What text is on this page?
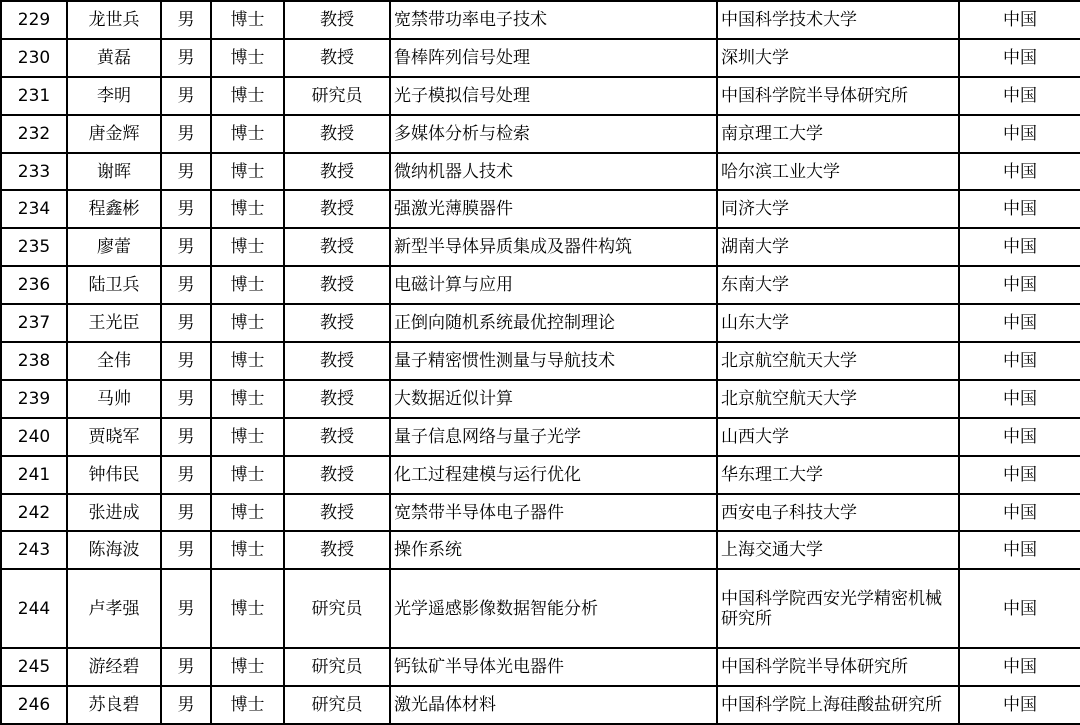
229	龙世兵	男	博士	教授	宽禁带功率电子技术	中国科学技术大学	中国
230	黄磊	男	博士	教授	鲁棒阵列信号处理	深圳大学	中国
231	李明	男	博士	研究员	光子模拟信号处理	中国科学院半导体研究所	中国
232	唐金辉	男	博士	教授	多媒体分析与检索	南京理工大学	中国
233	谢晖	男	博士	教授	微纳机器人技术	哈尔滨工业大学	中国
234	程鑫彬	男	博士	教授	强激光薄膜器件	同济大学	中国
235	廖蕾	男	博士	教授	新型半导体异质集成及器件构筑	湖南大学	中国
236	陆卫兵	男	博士	教授	电磁计算与应用	东南大学	中国
237	王光臣	男	博士	教授	正倒向随机系统最优控制理论	山东大学	中国
238	全伟	男	博士	教授	量子精密惯性测量与导航技术	北京航空航天大学	中国
239	马帅	男	博士	教授	大数据近似计算	北京航空航天大学	中国
240	贾晓军	男	博士	教授	量子信息网络与量子光学	山西大学	中国
241	钟伟民	男	博士	教授	化工过程建模与运行优化	华东理工大学	中国
242	张进成	男	博士	教授	宽禁带半导体电子器件	西安电子科技大学	中国
243	陈海波	男	博士	教授	操作系统	上海交通大学	中国
244	卢孝强	男	博士	研究员	光学遥感影像数据智能分析	中国科学院西安光学精密机械研究所	中国
245	游经碧	男	博士	研究员	钙钛矿半导体光电器件	中国科学院半导体研究所	中国
246	苏良碧	男	博士	研究员	激光晶体材料	中国科学院上海硅酸盐研究所	中国
